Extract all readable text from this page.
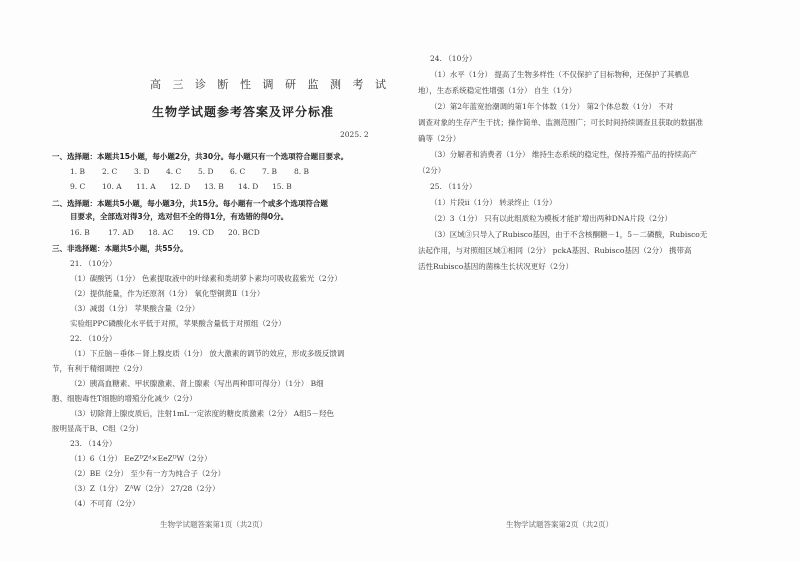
高 三 诊 断 性 调 研 监 测 考 试
生物学试题参考答案及评分标准
2025. 2
一、选择题：本题共15小题，每小题2分，共30分。每小题只有一个选项符合题目要求。
1. B 2. C 3. D 4. C 5. D 6. C 7. B 8. B
9. C 10. A 11. A 12. D 13. B 14. D 15. B
二、选择题：本题共5小题，每小题3分，共15分。每小题有一个或多个选项符合题
目要求，全部选对得3分，选对但不全的得1分，有选错的得0分。
16. B 17. AD 18. AC 19. CD 20. BCD
三、非选择题：本题共5小题，共55分。
21. （10分）
（1）碳酸钙（1分） 色素提取液中的叶绿素和类胡萝卜素均可吸收蓝紫光（2分）
（2）提供能量，作为还原剂（1分） 氧化型铜黄Ⅱ（1分）
（3）减弱（1分） 苹果酸含量（2分）
实验组PPC磷酸化水平低于对照，苹果酸含量低于对照组（2分）
22. （10分）
（1）下丘脑－垂体－肾上腺皮质（1分） 放大激素的调节的效应，形成多级反馈调
节，有利于精细调控（2分）
（2）胰高血糖素、甲状腺激素、肾上腺素（写出两种即可得分）（1分） B细
胞、细胞毒性T细胞的增殖分化减少（2分）
（3）切除肾上腺皮质后，注射1mL一定浓度的糖皮质激素（2分） A组5－羟色
胺明显高于B、C组（2分）
23. （14分）
（1）6（1分） EeZᴰZᵈ×EeZᴰW（2分）
（2）BE（2分） 至少有一方为纯合子（2分）
（3）Z（1分） ZᴬW（2分） 27/28（2分）
（4）不可育（2分）
生物学试题答案第1页（共2页）
24. （10分）
（1）水平（1分） 提高了生物多样性（不仅保护了目标物种，还保护了其栖息
地），生态系统稳定性增强（1分） 自生（1分）
（2）第2年蓝宽抬潮调的第1年个体数（1分） 第2个体总数（1分） 不对
调查对象的生存产生干扰；操作简单、监测范围广；可长时间持续调查且获取的数据准
确等（2分）
（3）分解者和消费者（1分） 维持生态系统的稳定性，保持养殖产品的持续高产
（2分）
25. （11分）
（1）片段ⅱ（1分） 转录终止（1分）
（2）3（1分） 只有以此组质粒为模板才能扩增出两种DNA片段（2分）
（3）区域③只导入了Rubisco基因，由于不含核酮糖－1，5－二磷酸，Rubisco无
法起作用，与对照组区域①相同（2分） pckA基因、Rubisco基因（2分） 携带高
活性Rubisco基因的菌株生长状况更好（2分）
生物学试题答案第2页（共2页）
